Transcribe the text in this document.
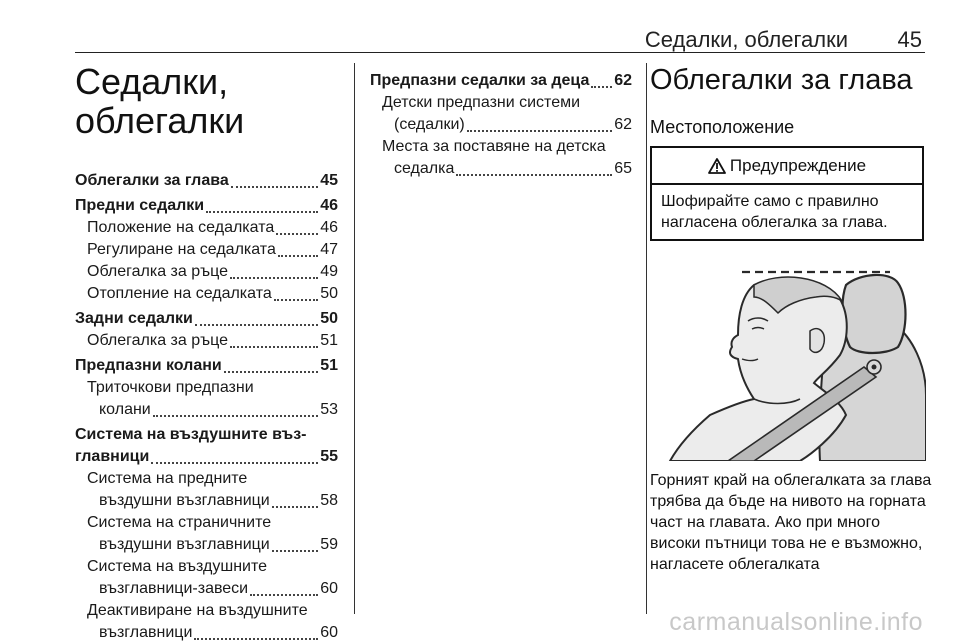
Седалки, облегалки 45
Седалки, облегалки
Облегалки за глава	45
Предни седалки	46
Положение на седалката	46
Регулиране на седалката	47
Облегалка за ръце	49
Отопление на седалката	50
Задни седалки	50
Облегалка за ръце	51
Предпазни колани	51
Триточкови предпазни
колани	53
Система на въздушните въз-
главници	55
Система на предните
въздушни възглавници	58
Система на страничните
въздушни възглавници	59
Система на въздушните
възглавници-завеси	60
Деактивиране на въздушните
възглавници	60
Предпазни седалки за деца 62
Детски предпазни системи
(седалки)	62
Места за поставяне на детска
седалка	65
Облегалки за глава
Местоположение
Предупреждение
Шофирайте само с правилно нагласена облегалка за глава.

Горният край на облегалката за глава трябва да бъде на нивото на горната част на главата. Ако при много високи пътници това не е възможно, нагласете облегалката

carmanualsonline.info
